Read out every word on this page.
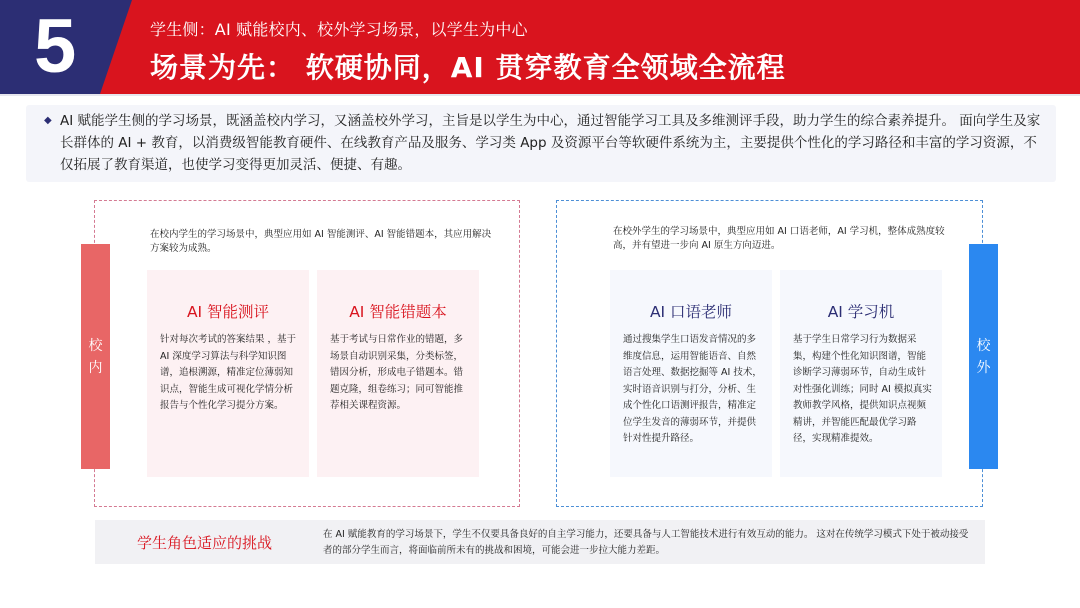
5	学生侧：AI 赋能校内、校外学习场景，以学生为中心
场景为先： 软硬协同，AI 贯穿教育全领域全流程
◆ AI 赋能学生侧的学习场景，既涵盖校内学习，又涵盖校外学习，主旨是以学生为中心，通过智能学习工具及多维测评手段，助力学生的综合素养提升。 面向学生及家长群体的 AI + 教育，以消费级智能教育硬件、在线教育产品及服务、学习类 App 及资源平台等软硬件系统为主，主要提供个性化的学习路径和丰富的学习资源，不仅拓展了教育渠道，也使学习变得更加灵活、便捷、有趣。
在校内学生的学习场景中，典型应用如 AI 智能测评、AI 智能错题本，其应用解决方案较为成熟。
AI 智能测评
针对每次考试的答案结果 ，基于 AI 深度学习算法与科学知识图谱，追根溯源，精准定位薄弱知识点，智能生成可视化学情分析报告与个性化学习提分方案。
AI 智能错题本
基于考试与日常作业的错题，多场景自动识别采集，分类标签，错因分析，形成电子错题本。错题克隆，组卷练习；同可智能推荐相关课程资源。
校
内
在校外学生的学习场景中，典型应用如 AI 口语老师，AI 学习机，整体成熟度较高，并有望进一步向 AI 原生方向迈进。
AI 口语老师
通过搜集学生口语发音情况的多维度信息，运用智能语音、自然语言处理、数据挖掘等 AI 技术，实时语音识别与打分，分析、生成个性化口语测评报告，精准定位学生发音的薄弱环节，并提供针对性提升路径。
AI 学习机
基于学生日常学习行为数据采集，构建个性化知识图谱，智能诊断学习薄弱环节，自动生成针对性强化训练；同时 AI 模拟真实教师教学风格，提供知识点视频精讲，并智能匹配最优学习路径，实现精准提效。
校
外
学生角色适应的挑战	在 AI 赋能教育的学习场景下，学生不仅要具备良好的自主学习能力，还要具备与人工智能技术进行有效互动的能力。 这对在传统学习模式下处于被动接受者的部分学生而言，将面临前所未有的挑战和困境，可能会进一步拉大能力差距。
